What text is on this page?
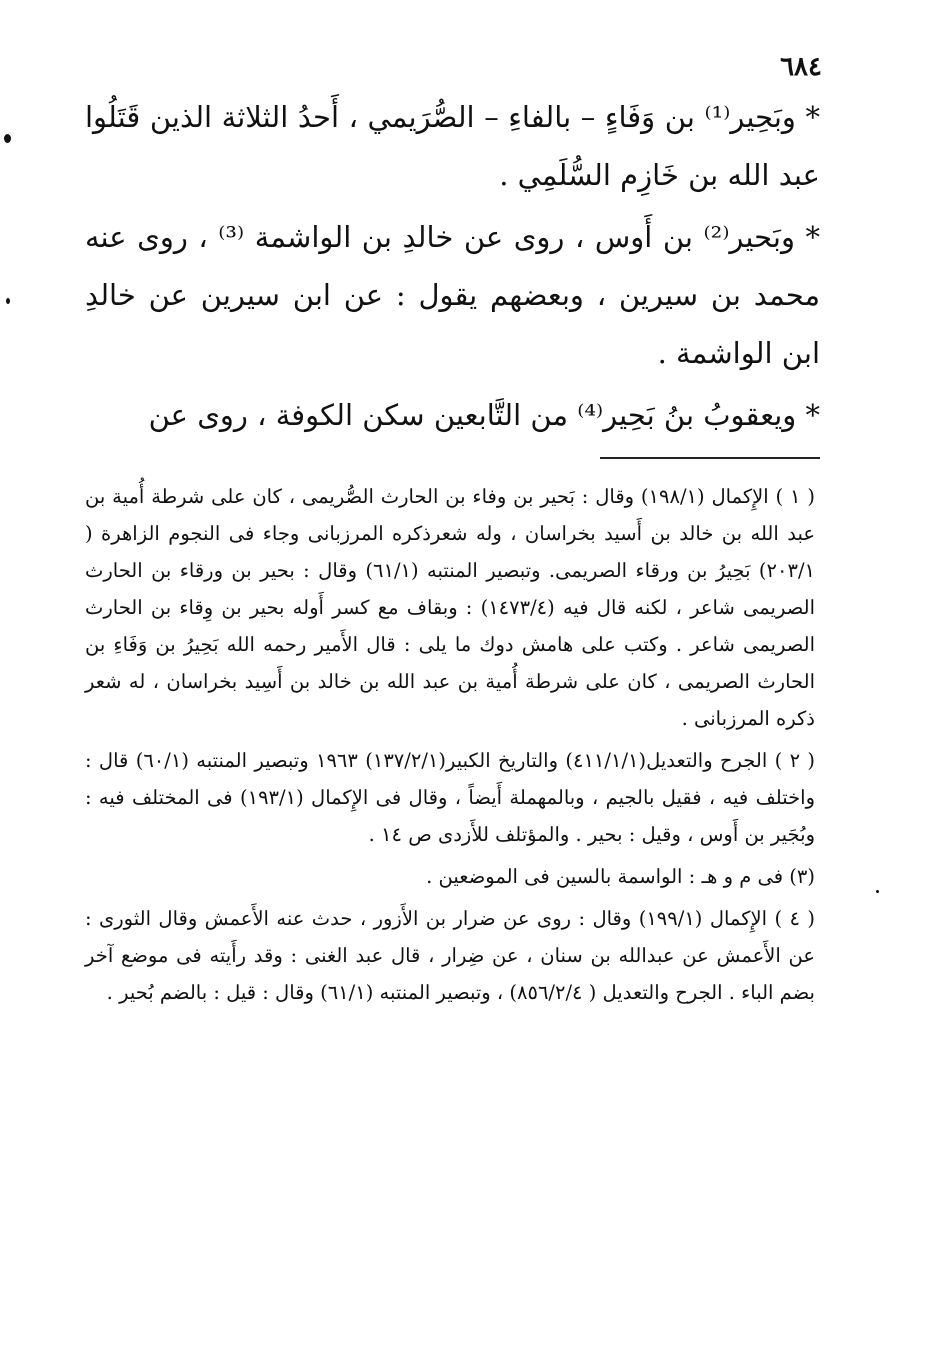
٦٨٤

* وبَحِير⁽¹⁾ بن وَفَاءٍ – بالفاءِ – الصُّرَيمي ، أَحدُ الثلاثة الذين قَتَلُوا عبد الله بن خَازِم السُّلَمِي .

* وبَحير⁽²⁾ بن أَوس ، روى عن خالدِ بن الواشمة ⁽³⁾ ، روى عنه محمد بن سيرين ، وبعضهم يقول : عن ابن سيرين عن خالدِ ابن الواشمة .

* ويعقوبُ بنُ بَحِير⁽⁴⁾ من التَّابعين سكن الكوفة ، روى عن

( ١ ) الإِكمال (١٩٨/١) وقال : بَحير بن وفاء بن الحارث الصُّريمى ، كان على شرطة أُمية بن عبد الله بن خالد بن أَسيد بخراسان ، وله شعرذكره المرزبانى وجاء فى النجوم الزاهرة ( ٢٠٣/١) بَحِيرُ بن ورقاء الصريمى. وتبصير المنتبه (٦١/١) وقال : بحير بن ورقاء بن الحارث الصريمى شاعر ، لكنه قال فيه (١٤٧٣/٤) : وبقاف مع كسر أَوله بحير بن وِقاء بن الحارث الصريمى شاعر . وكتب على هامش دوك ما يلى : قال الأَمير رحمه الله بَحِيرُ بن وَفَاءِ بن الحارث الصريمى ، كان على شرطة أُمية بن عبد الله بن خالد بن أَسِيد بخراسان ، له شعر ذكره المرزبانى .

( ٢ ) الجرح والتعديل(٤١١/١/١) والتاريخ الكبير(١٣٧/٢/١) ١٩٦٣ وتبصير المنتبه (٦٠/١) قال : واختلف فيه ، فقيل بالجيم ، وبالمهملة أَيضاً ، وقال فى الإِكمال (١٩٣/١) فى المختلف فيه : وبُجَير بن أَوس ، وقيل : بحير . والمؤتلف للأَزدى ص ١٤ .

(٣) فى م و هـ : الواسمة بالسين فى الموضعين .

( ٤ ) الإِكمال (١٩٩/١) وقال : روى عن ضرار بن الأَزور ، حدث عنه الأَعمش وقال الثورى : عن الأَعمش عن عبدالله بن سنان ، عن ضِرار ، قال عبد الغنى : وقد رأَيته فى موضع آخر بضم الباء . الجرح والتعديل ( ٨٥٦/٢/٤) ، وتبصير المنتبه (٦١/١) وقال : قيل : بالضم بُحير .
